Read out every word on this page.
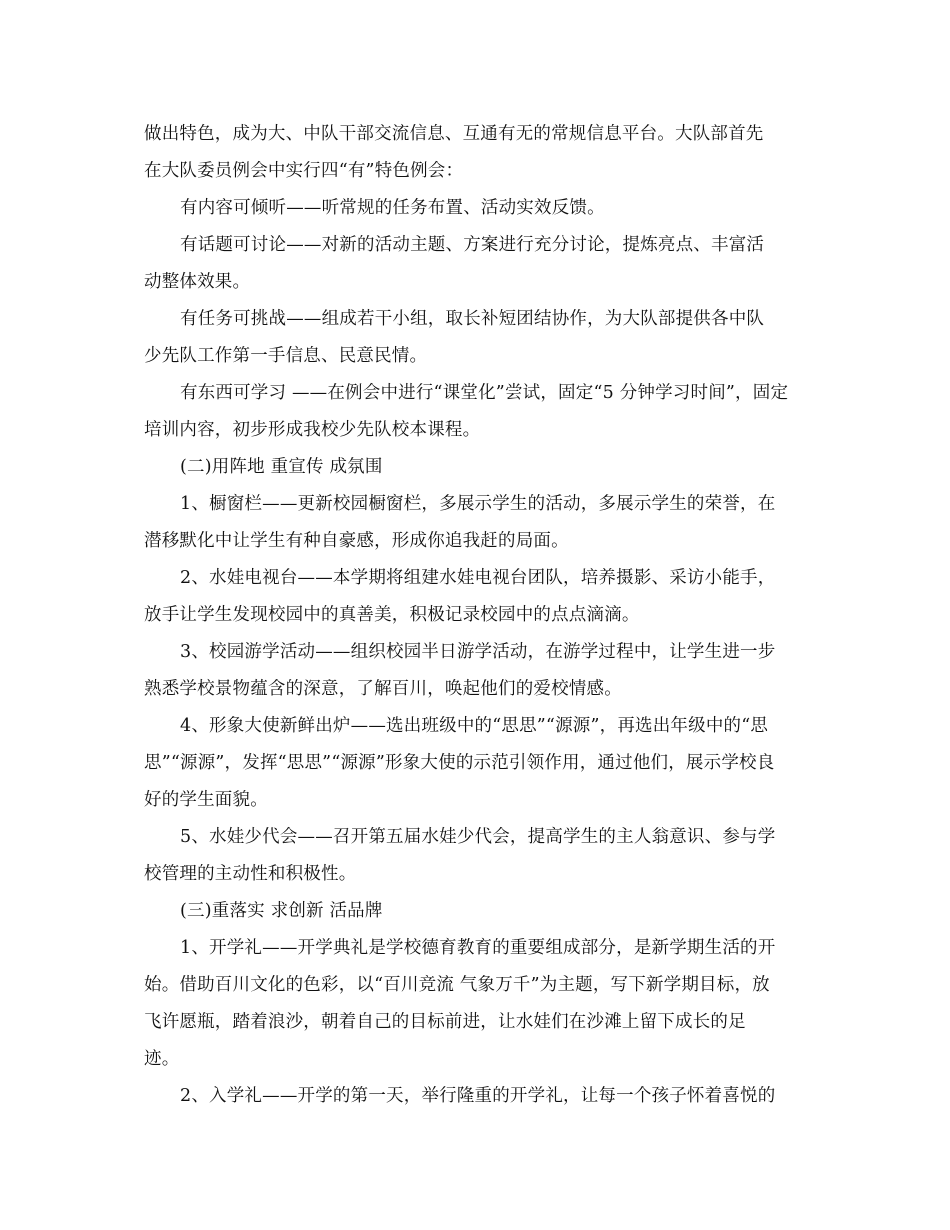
做出特色，成为大、中队干部交流信息、互通有无的常规信息平台。大队部首先
在大队委员例会中实行四“有”特色例会：
有内容可倾听——听常规的任务布置、活动实效反馈。
有话题可讨论——对新的活动主题、方案进行充分讨论，提炼亮点、丰富活
动整体效果。
有任务可挑战——组成若干小组，取长补短团结协作，为大队部提供各中队
少先队工作第一手信息、民意民情。
有东西可学习 ——在例会中进行“课堂化”尝试，固定“5 分钟学习时间”，固定
培训内容，初步形成我校少先队校本课程。
(二)用阵地 重宣传 成氛围
1、橱窗栏——更新校园橱窗栏，多展示学生的活动，多展示学生的荣誉，在
潜移默化中让学生有种自豪感，形成你追我赶的局面。
2、水娃电视台——本学期将组建水娃电视台团队，培养摄影、采访小能手，
放手让学生发现校园中的真善美，积极记录校园中的点点滴滴。
3、校园游学活动——组织校园半日游学活动，在游学过程中，让学生进一步
熟悉学校景物蕴含的深意，了解百川，唤起他们的爱校情感。
4、形象大使新鲜出炉——选出班级中的“思思”“源源”，再选出年级中的“思
思”“源源”，发挥“思思”“源源”形象大使的示范引领作用，通过他们，展示学校良
好的学生面貌。
5、水娃少代会——召开第五届水娃少代会，提高学生的主人翁意识、参与学
校管理的主动性和积极性。
(三)重落实 求创新 活品牌
1、开学礼——开学典礼是学校德育教育的重要组成部分，是新学期生活的开
始。借助百川文化的色彩，以“百川竞流 气象万千”为主题，写下新学期目标，放
飞许愿瓶，踏着浪沙，朝着自己的目标前进，让水娃们在沙滩上留下成长的足
迹。
2、入学礼——开学的第一天，举行隆重的开学礼，让每一个孩子怀着喜悦的
